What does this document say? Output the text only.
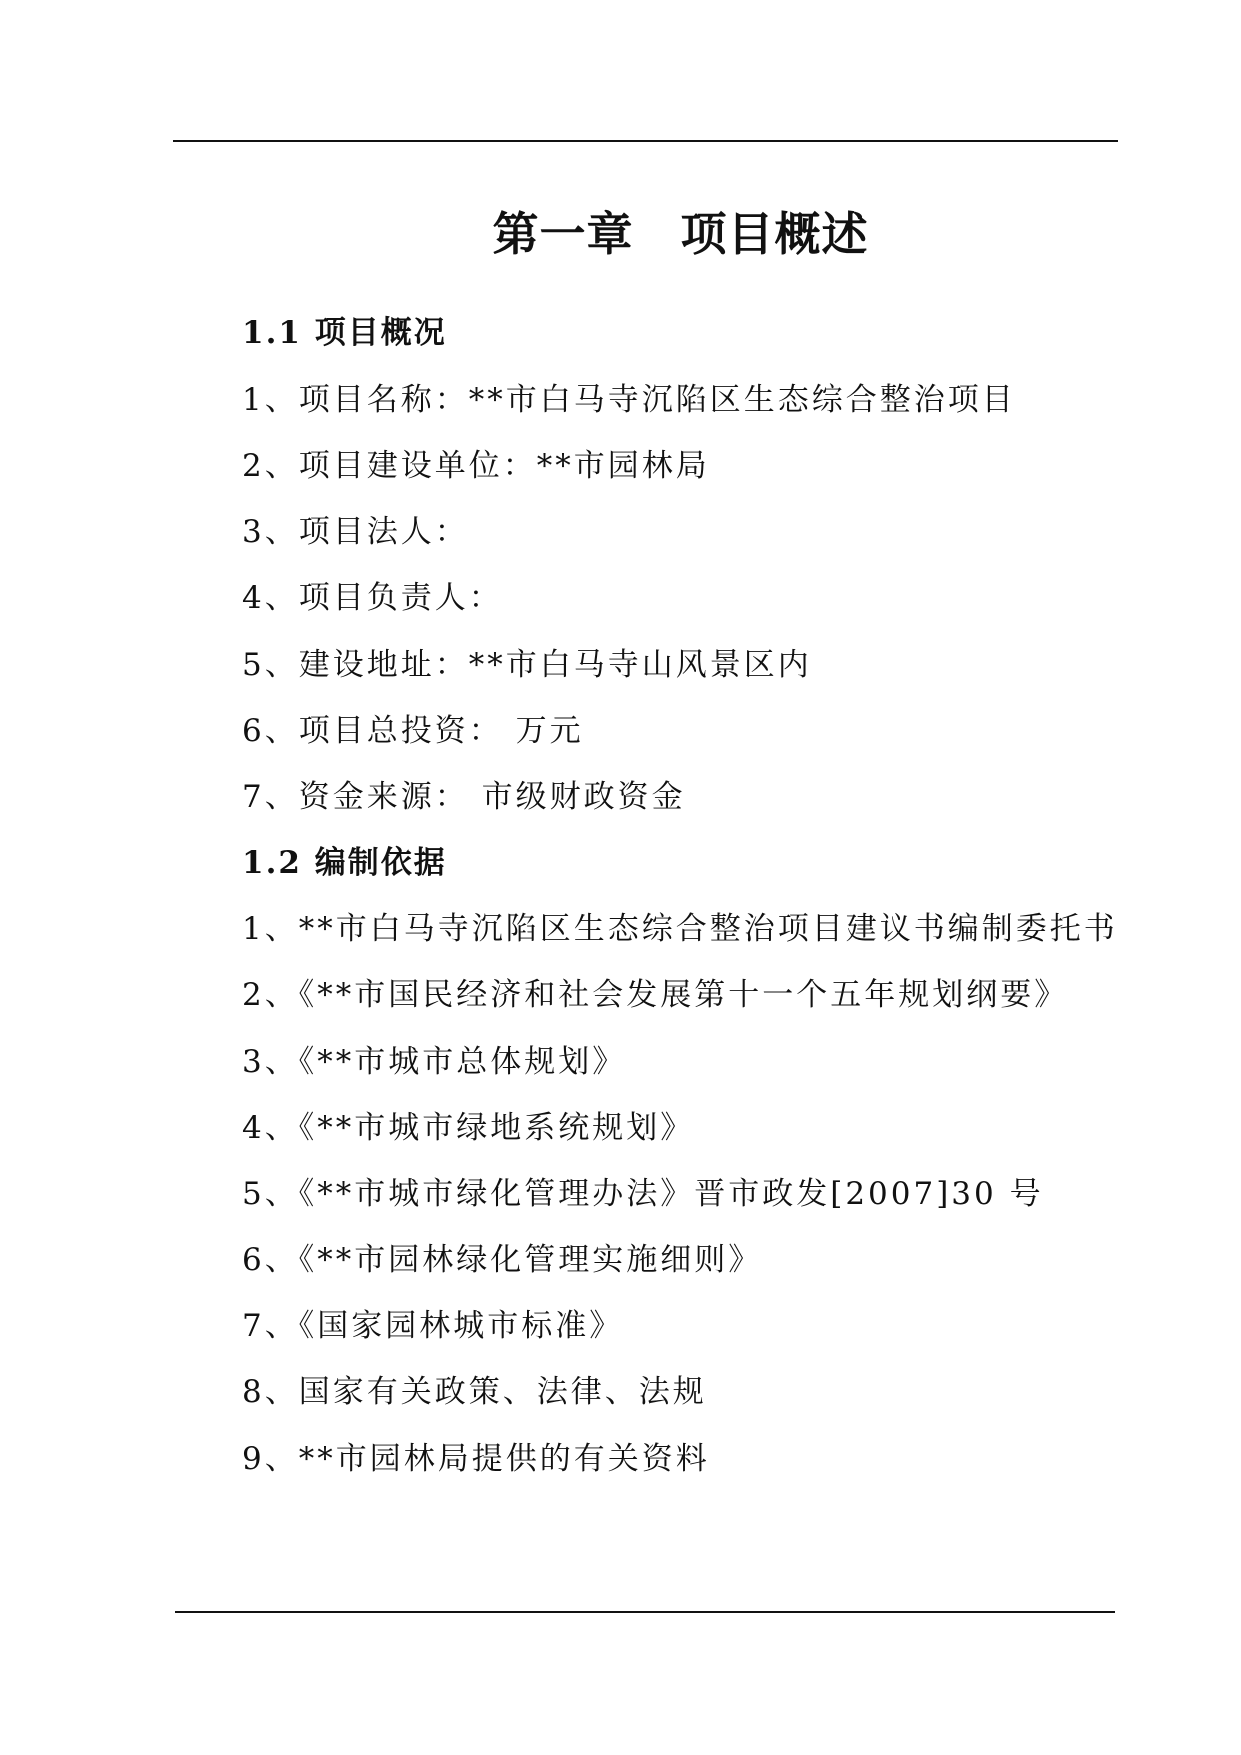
第一章　项目概述

1.1 项目概况

1、项目名称：**市白马寺沉陷区生态综合整治项目

2、项目建设单位：**市园林局

3、项目法人：

4、项目负责人：

5、建设地址：**市白马寺山风景区内

6、项目总投资： 万元

7、资金来源： 市级财政资金

1.2 编制依据

1、**市白马寺沉陷区生态综合整治项目建议书编制委托书

2、《**市国民经济和社会发展第十一个五年规划纲要》

3、《**市城市总体规划》

4、《**市城市绿地系统规划》

5、《**市城市绿化管理办法》晋市政发[2007]30 号

6、《**市园林绿化管理实施细则》

7、《国家园林城市标准》

8、国家有关政策、法律、法规

9、**市园林局提供的有关资料
